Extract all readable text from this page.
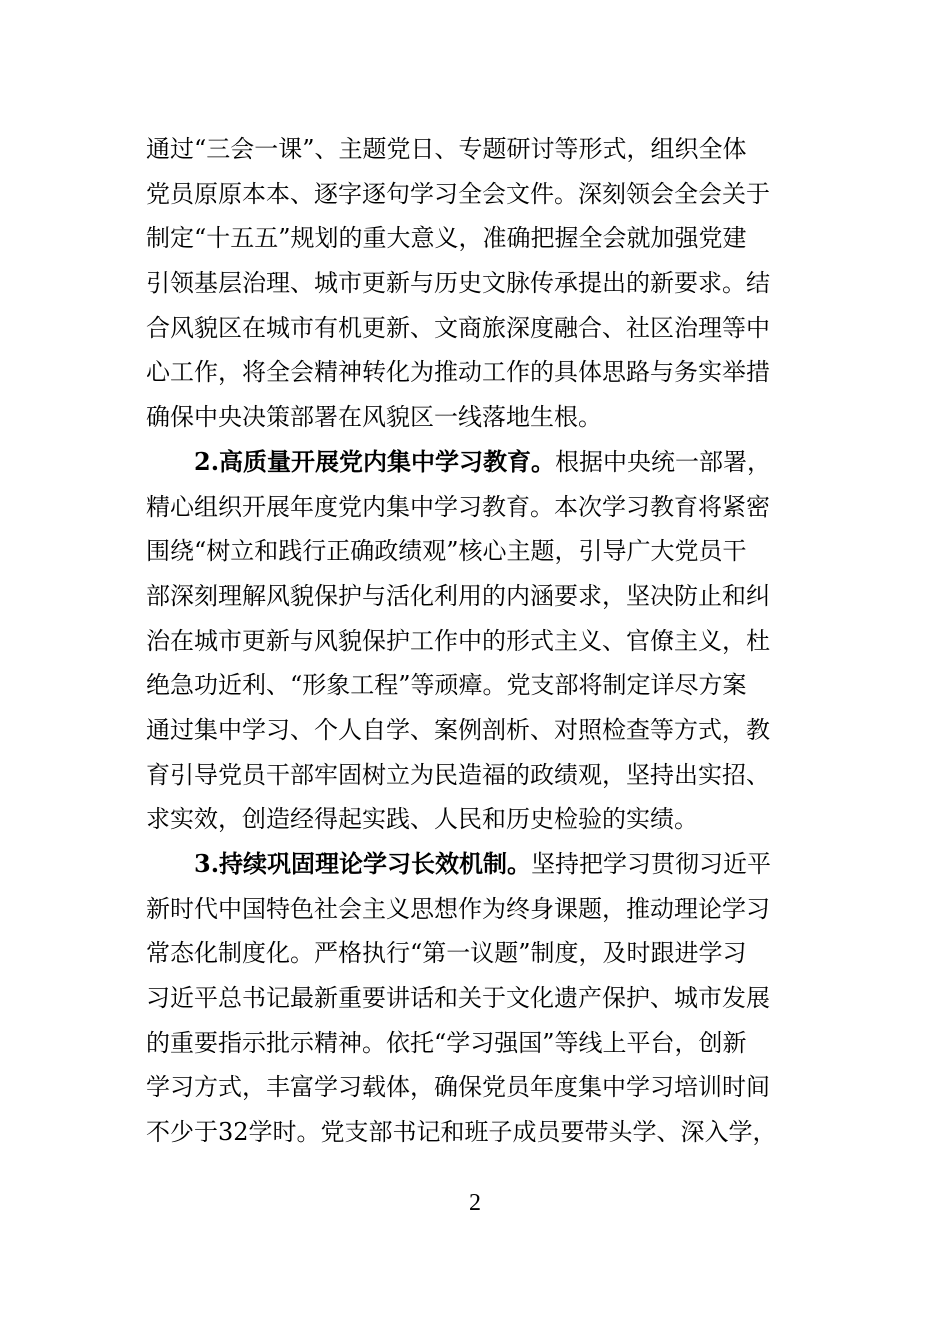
通过“三会一课”、主题党日、专题研讨等形式，组织全体
党员原原本本、逐字逐句学习全会文件。深刻领会全会关于
制定“十五五”规划的重大意义，准确把握全会就加强党建
引领基层治理、城市更新与历史文脉传承提出的新要求。结
合风貌区在城市有机更新、文商旅深度融合、社区治理等中
心工作，将全会精神转化为推动工作的具体思路与务实举措
确保中央决策部署在风貌区一线落地生根。
2.高质量开展党内集中学习教育。根据中央统一部署，
精心组织开展年度党内集中学习教育。本次学习教育将紧密
围绕“树立和践行正确政绩观”核心主题，引导广大党员干
部深刻理解风貌保护与活化利用的内涵要求，坚决防止和纠
治在城市更新与风貌保护工作中的形式主义、官僚主义，杜
绝急功近利、“形象工程”等顽瘴。党支部将制定详尽方案
通过集中学习、个人自学、案例剖析、对照检查等方式，教
育引导党员干部牢固树立为民造福的政绩观，坚持出实招、
求实效，创造经得起实践、人民和历史检验的实绩。
3.持续巩固理论学习长效机制。坚持把学习贯彻习近平
新时代中国特色社会主义思想作为终身课题，推动理论学习
常态化制度化。严格执行“第一议题”制度，及时跟进学习
习近平总书记最新重要讲话和关于文化遗产保护、城市发展
的重要指示批示精神。依托“学习强国”等线上平台，创新
学习方式，丰富学习载体，确保党员年度集中学习培训时间
不少于32学时。党支部书记和班子成员要带头学、深入学，
2
